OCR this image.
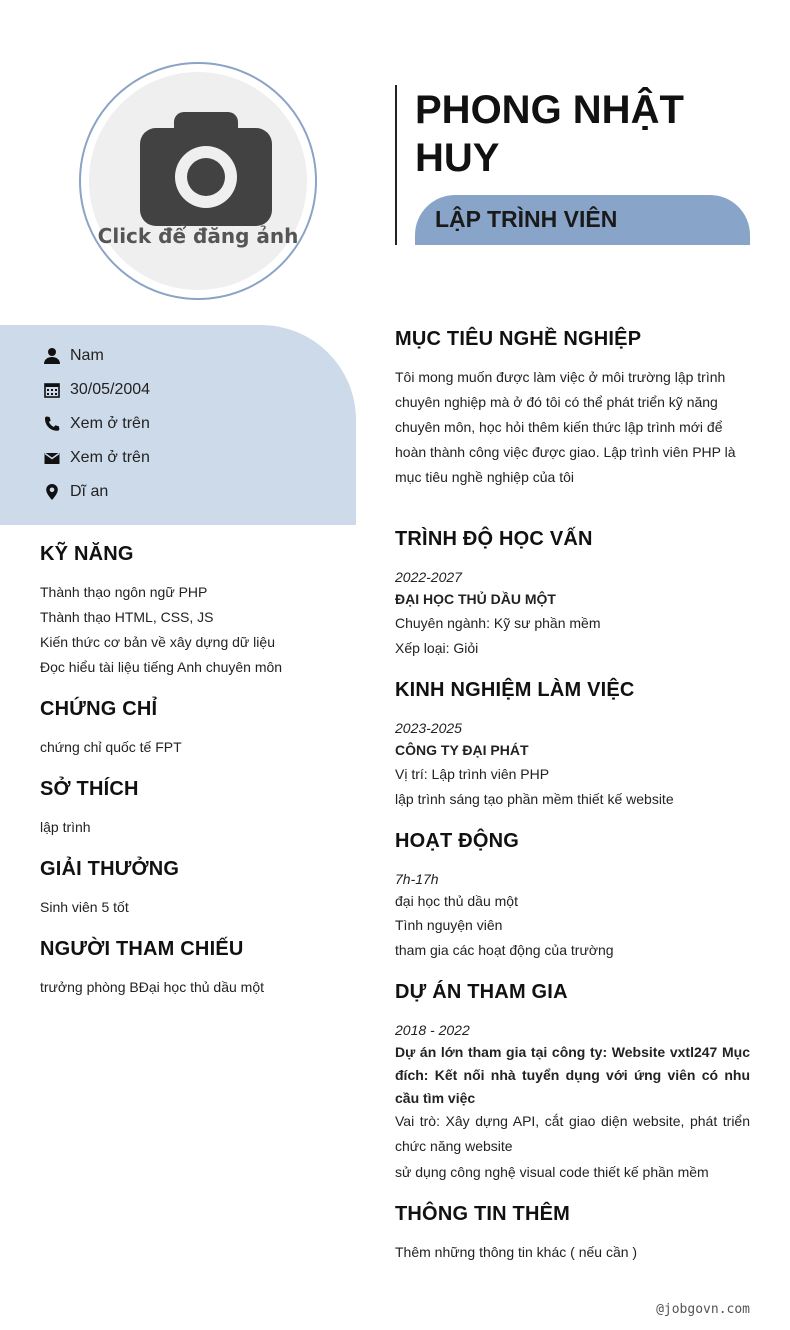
Click để đăng ảnh
PHONG NHẬT HUY
LẬP TRÌNH VIÊN
Nam
30/05/2004
Xem ở trên
Xem ở trên
Dĩ an
KỸ NĂNG
Thành thạo ngôn ngữ PHP
Thành thạo HTML, CSS, JS
Kiến thức cơ bản về xây dựng dữ liệu
Đọc hiểu tài liệu tiếng Anh chuyên môn
CHỨNG CHỈ
chứng chỉ quốc tế FPT
SỞ THÍCH
lập trình
GIẢI THƯỞNG
Sinh viên 5 tốt
NGƯỜI THAM CHIẾU
trưởng phòng BĐại học thủ dầu một
MỤC TIÊU NGHỀ NGHIỆP
Tôi mong muốn được làm việc ở môi trường lập trình
chuyên nghiệp mà ở đó tôi có thể phát triển kỹ năng
chuyên môn, học hỏi thêm kiến thức lập trình mới để
hoàn thành công việc được giao. Lập trình viên PHP là
mục tiêu nghề nghiệp của tôi
TRÌNH ĐỘ HỌC VẤN
2022-2027
ĐẠI HỌC THỦ DẦU MỘT
Chuyên ngành: Kỹ sư phần mềm
Xếp loại: Giỏi
KINH NGHIỆM LÀM VIỆC
2023-2025
CÔNG TY ĐẠI PHÁT
Vị trí: Lập trình viên PHP
lập trình sáng tạo phần mềm thiết kế website
HOẠT ĐỘNG
7h-17h
đại học thủ dầu một
Tình nguyện viên
tham gia các hoạt động của trường
DỰ ÁN THAM GIA
2018 - 2022
Dự án lớn tham gia tại công ty: Website vxtl247 Mục đích: Kết nối nhà tuyển dụng với ứng viên có nhu cầu tìm việc
Vai trò: Xây dựng API, cắt giao diện website, phát triển chức năng website
sử dụng công nghệ visual code thiết kế phần mềm
THÔNG TIN THÊM
Thêm những thông tin khác ( nếu cần )
@jobgovn.com
